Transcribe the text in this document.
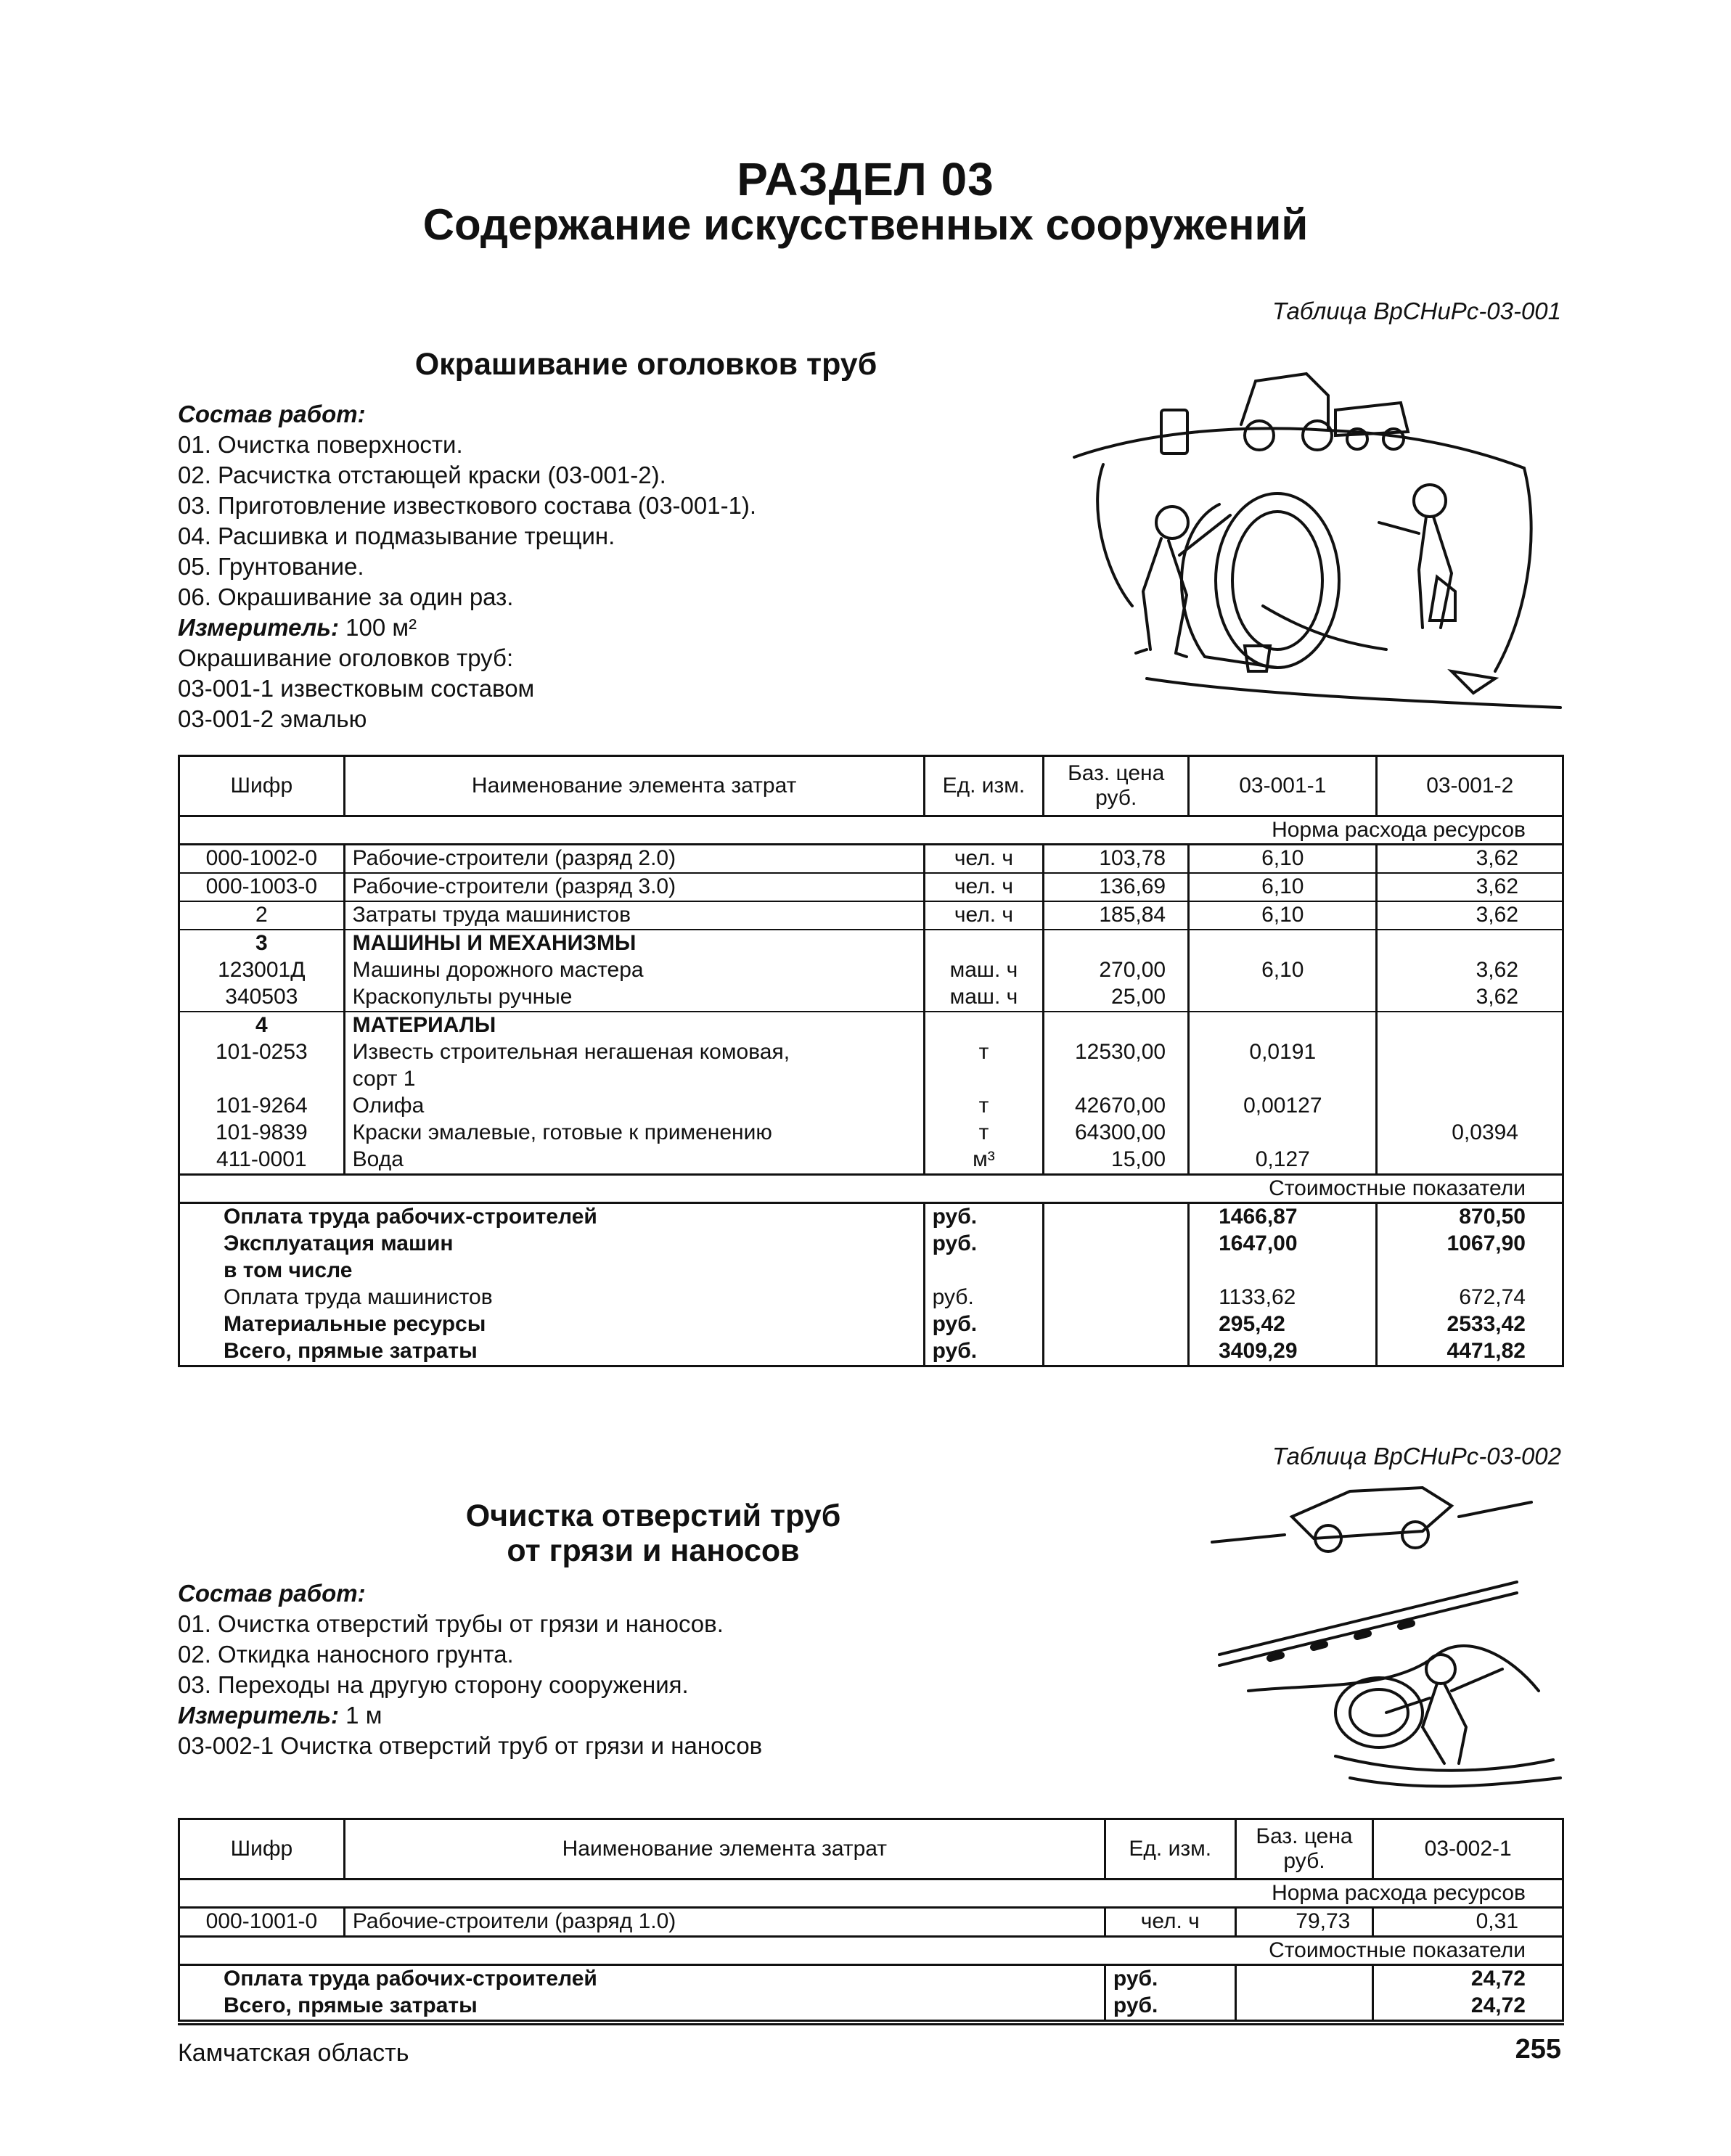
РАЗДЕЛ 03
Содержание искусственных сооружений
Таблица ВрСНиРс-03-001
Окрашивание оголовков труб
Состав работ:
01. Очистка поверхности.
02. Расчистка отстающей краски (03-001-2).
03. Приготовление известкового состава (03-001-1).
04. Расшивка и подмазывание трещин.
05. Грунтование.
06. Окрашивание за один раз.
Измеритель: 100 м²
Окрашивание оголовков труб:
03-001-1 известковым составом
03-001-2 эмалью
Шифр	Наименование элемента затрат	Ед. изм.	Баз. цена руб.	03-001-1	03-001-2
Норма расхода ресурсов					
000-1002-0	Рабочие-строители (разряд 2.0)	чел. ч	103,78	6,10	3,62
000-1003-0	Рабочие-строители (разряд 3.0)	чел. ч	136,69	6,10	3,62
2	Затраты труда машинистов	чел. ч	185,84	6,10	3,62
3	МАШИНЫ И МЕХАНИЗМЫ				
123001Д	Машины дорожного мастера	маш. ч	270,00	6,10	3,62
340503	Краскопульты ручные	маш. ч	25,00		3,62
4	МАТЕРИАЛЫ				
101-0253	Известь строительная негашеная комовая,	т	12530,00	0,0191	
	сорт 1				
101-9264	Олифа	т	42670,00	0,00127	
101-9839	Краски эмалевые, готовые к применению	т	64300,00		0,0394
411-0001	Вода	м³	15,00	0,127	
Стоимостные показатели					
Оплата труда рабочих-строителей		руб.		1466,87	870,50
Эксплуатация машин		руб.		1647,00	1067,90
в том числе					
Оплата труда машинистов		руб.		1133,62	672,74
Материальные ресурсы		руб.		295,42	2533,42
Всего, прямые затраты		руб.		3409,29	4471,82
Таблица ВрСНиРс-03-002
Очистка отверстий труб
от грязи и наносов
Состав работ:
01. Очистка отверстий трубы от грязи и наносов.
02. Откидка наносного грунта.
03. Переходы на другую сторону сооружения.
Измеритель: 1 м
03-002-1 Очистка отверстий труб от грязи и наносов
Шифр	Наименование элемента затрат	Ед. изм.	Баз. цена руб.	03-002-1
Норма расхода ресурсов				
000-1001-0	Рабочие-строители (разряд 1.0)	чел. ч	79,73	0,31
Стоимостные показатели				
Оплата труда рабочих-строителей		руб.		24,72
Всего, прямые затраты		руб.		24,72
Камчатская область	255
